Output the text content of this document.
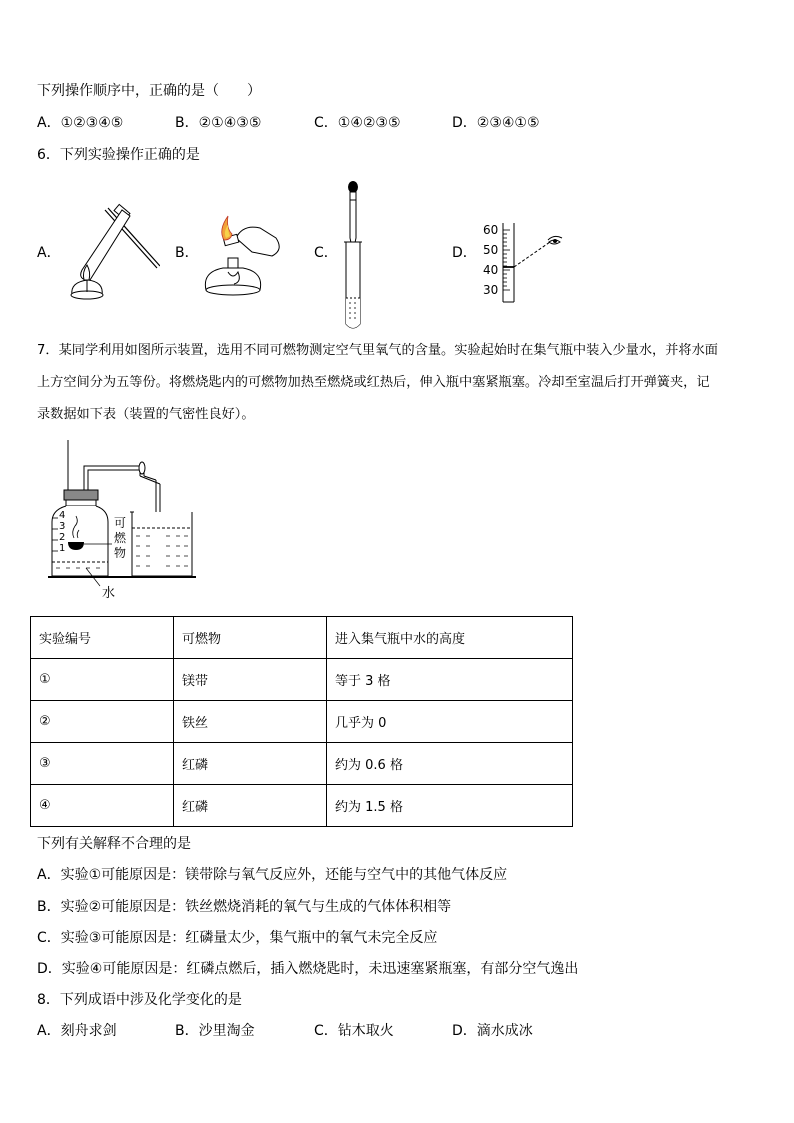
下列操作顺序中，正确的是（　　）
A．①②③④⑤	B．②①④③⑤	C．①④②③⑤	D．②③④①⑤
6．下列实验操作正确的是
A．	B．	C．	D．
60
50
40
30
7．某同学利用如图所示装置，选用不同可燃物测定空气里氧气的含量。实验起始时在集气瓶中装入少量水，并将水面
上方空间分为五等份。将燃烧匙内的可燃物加热至燃烧或红热后，伸入瓶中塞紧瓶塞。冷却至室温后打开弹簧夹，记
录数据如下表（装置的气密性良好）。
4
3
2
1
可
燃
物
水
实验编号	可燃物	进入集气瓶中水的高度
①	镁带	等于 3 格
②	铁丝	几乎为 0
③	红磷	约为 0.6 格
④	红磷	约为 1.5 格
下列有关解释不合理的是
A．实验①可能原因是：镁带除与氧气反应外，还能与空气中的其他气体反应
B．实验②可能原因是：铁丝燃烧消耗的氧气与生成的气体体积相等
C．实验③可能原因是：红磷量太少，集气瓶中的氧气未完全反应
D．实验④可能原因是：红磷点燃后，插入燃烧匙时，未迅速塞紧瓶塞，有部分空气逸出
8．下列成语中涉及化学变化的是
A．刻舟求剑	B．沙里淘金	C．钻木取火	D．滴水成冰
